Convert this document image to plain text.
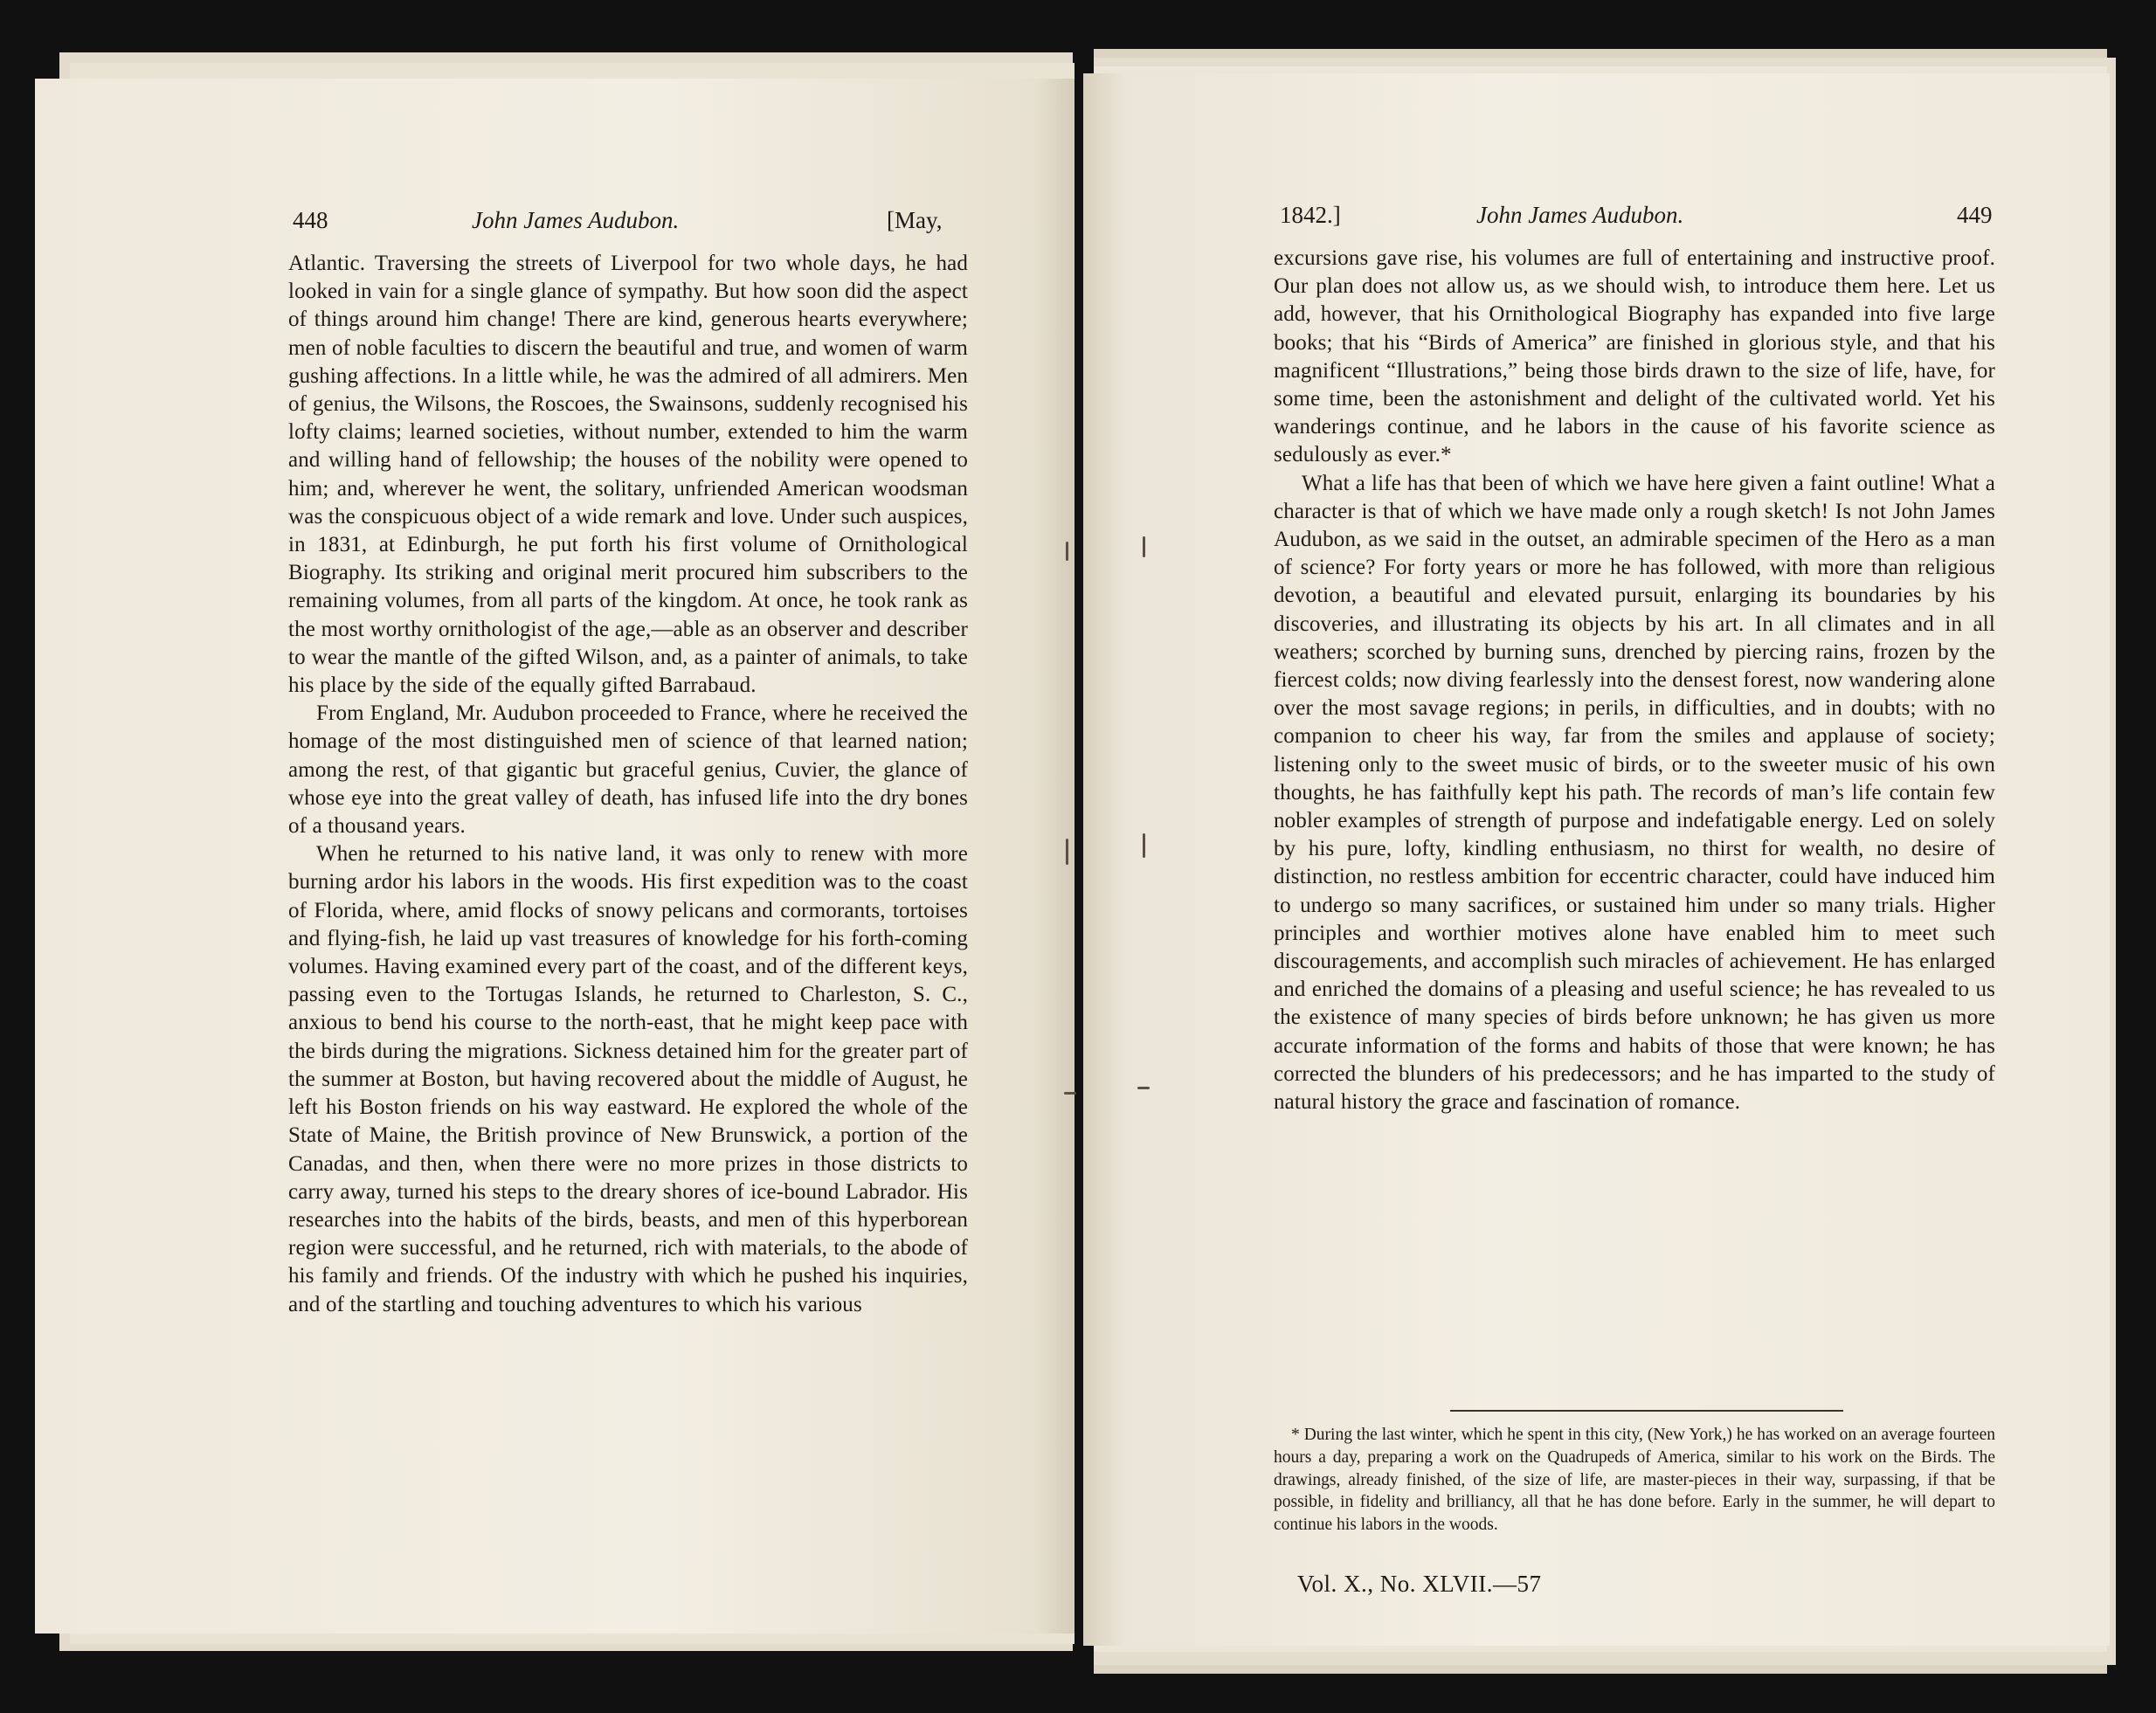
448	John James Audubon.	[May,

Atlantic. Traversing the streets of Liverpool for two whole days, he had looked in vain for a single glance of sympathy. But how soon did the aspect of things around him change! There are kind, generous hearts everywhere; men of noble faculties to discern the beautiful and true, and women of warm gushing affections. In a little while, he was the admired of all admirers. Men of genius, the Wilsons, the Roscoes, the Swainsons, suddenly recognised his lofty claims; learned societies, without number, extended to him the warm and willing hand of fellowship; the houses of the nobility were opened to him; and, wherever he went, the solitary, unfriended American woodsman was the conspicuous object of a wide remark and love. Under such auspices, in 1831, at Edinburgh, he put forth his first volume of Ornithological Biography. Its striking and original merit procured him subscribers to the remaining volumes, from all parts of the kingdom. At once, he took rank as the most worthy ornithologist of the age,—able as an observer and describer to wear the mantle of the gifted Wilson, and, as a painter of animals, to take his place by the side of the equally gifted Barrabaud.

From England, Mr. Audubon proceeded to France, where he received the homage of the most distinguished men of science of that learned nation; among the rest, of that gigantic but graceful genius, Cuvier, the glance of whose eye into the great valley of death, has infused life into the dry bones of a thousand years.

When he returned to his native land, it was only to renew with more burning ardor his labors in the woods. His first expedition was to the coast of Florida, where, amid flocks of snowy pelicans and cormorants, tortoises and flying-fish, he laid up vast treasures of knowledge for his forth-coming volumes. Having examined every part of the coast, and of the different keys, passing even to the Tortugas Islands, he returned to Charleston, S. C., anxious to bend his course to the north-east, that he might keep pace with the birds during the migrations. Sickness detained him for the greater part of the summer at Boston, but having recovered about the middle of August, he left his Boston friends on his way eastward. He explored the whole of the State of Maine, the British province of New Brunswick, a portion of the Canadas, and then, when there were no more prizes in those districts to carry away, turned his steps to the dreary shores of ice-bound Labrador. His researches into the habits of the birds, beasts, and men of this hyperborean region were successful, and he returned, rich with materials, to the abode of his family and friends. Of the industry with which he pushed his inquiries, and of the startling and touching adventures to which his various

1842.]	John James Audubon.	449

excursions gave rise, his volumes are full of entertaining and instructive proof. Our plan does not allow us, as we should wish, to introduce them here. Let us add, however, that his Ornithological Biography has expanded into five large books; that his “Birds of America” are finished in glorious style, and that his magnificent “Illustrations,” being those birds drawn to the size of life, have, for some time, been the astonishment and delight of the cultivated world. Yet his wanderings continue, and he labors in the cause of his favorite science as sedulously as ever.*

What a life has that been of which we have here given a faint outline! What a character is that of which we have made only a rough sketch! Is not John James Audubon, as we said in the outset, an admirable specimen of the Hero as a man of science? For forty years or more he has followed, with more than religious devotion, a beautiful and elevated pursuit, enlarging its boundaries by his discoveries, and illustrating its objects by his art. In all climates and in all weathers; scorched by burning suns, drenched by piercing rains, frozen by the fiercest colds; now diving fearlessly into the densest forest, now wandering alone over the most savage regions; in perils, in difficulties, and in doubts; with no companion to cheer his way, far from the smiles and applause of society; listening only to the sweet music of birds, or to the sweeter music of his own thoughts, he has faithfully kept his path. The records of man’s life contain few nobler examples of strength of purpose and indefatigable energy. Led on solely by his pure, lofty, kindling enthusiasm, no thirst for wealth, no desire of distinction, no restless ambition for eccentric character, could have induced him to undergo so many sacrifices, or sustained him under so many trials. Higher principles and worthier motives alone have enabled him to meet such discouragements, and accomplish such miracles of achievement. He has enlarged and enriched the domains of a pleasing and useful science; he has revealed to us the existence of many species of birds before unknown; he has given us more accurate information of the forms and habits of those that were known; he has corrected the blunders of his predecessors; and he has imparted to the study of natural history the grace and fascination of romance.

* During the last winter, which he spent in this city, (New York,) he has worked on an average fourteen hours a day, preparing a work on the Quadrupeds of America, similar to his work on the Birds. The drawings, already finished, of the size of life, are master-pieces in their way, surpassing, if that be possible, in fidelity and brilliancy, all that he has done before. Early in the summer, he will depart to continue his labors in the woods.

Vol. X., No. XLVII.—57
